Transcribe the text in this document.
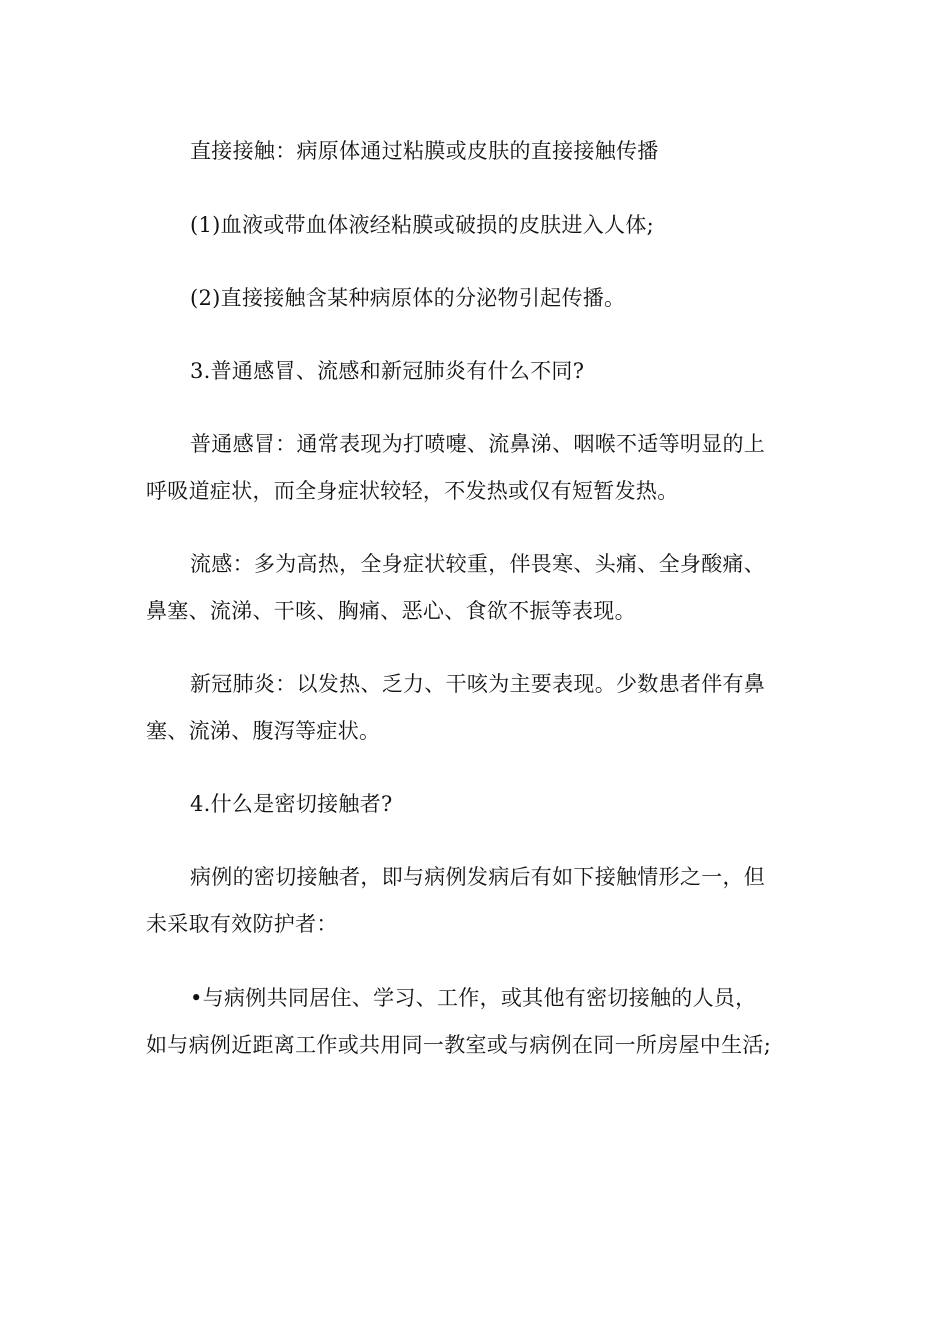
直接接触：病原体通过粘膜或皮肤的直接接触传播

(1)血液或带血体液经粘膜或破损的皮肤进入人体;

(2)直接接触含某种病原体的分泌物引起传播。

3.普通感冒、流感和新冠肺炎有什么不同?

普通感冒：通常表现为打喷嚏、流鼻涕、咽喉不适等明显的上

呼吸道症状，而全身症状较轻，不发热或仅有短暂发热。

流感：多为高热，全身症状较重，伴畏寒、头痛、全身酸痛、

鼻塞、流涕、干咳、胸痛、恶心、食欲不振等表现。

新冠肺炎：以发热、乏力、干咳为主要表现。少数患者伴有鼻

塞、流涕、腹泻等症状。

4.什么是密切接触者?

病例的密切接触者，即与病例发病后有如下接触情形之一，但

未采取有效防护者：

•与病例共同居住、学习、工作，或其他有密切接触的人员，

如与病例近距离工作或共用同一教室或与病例在同一所房屋中生活;
